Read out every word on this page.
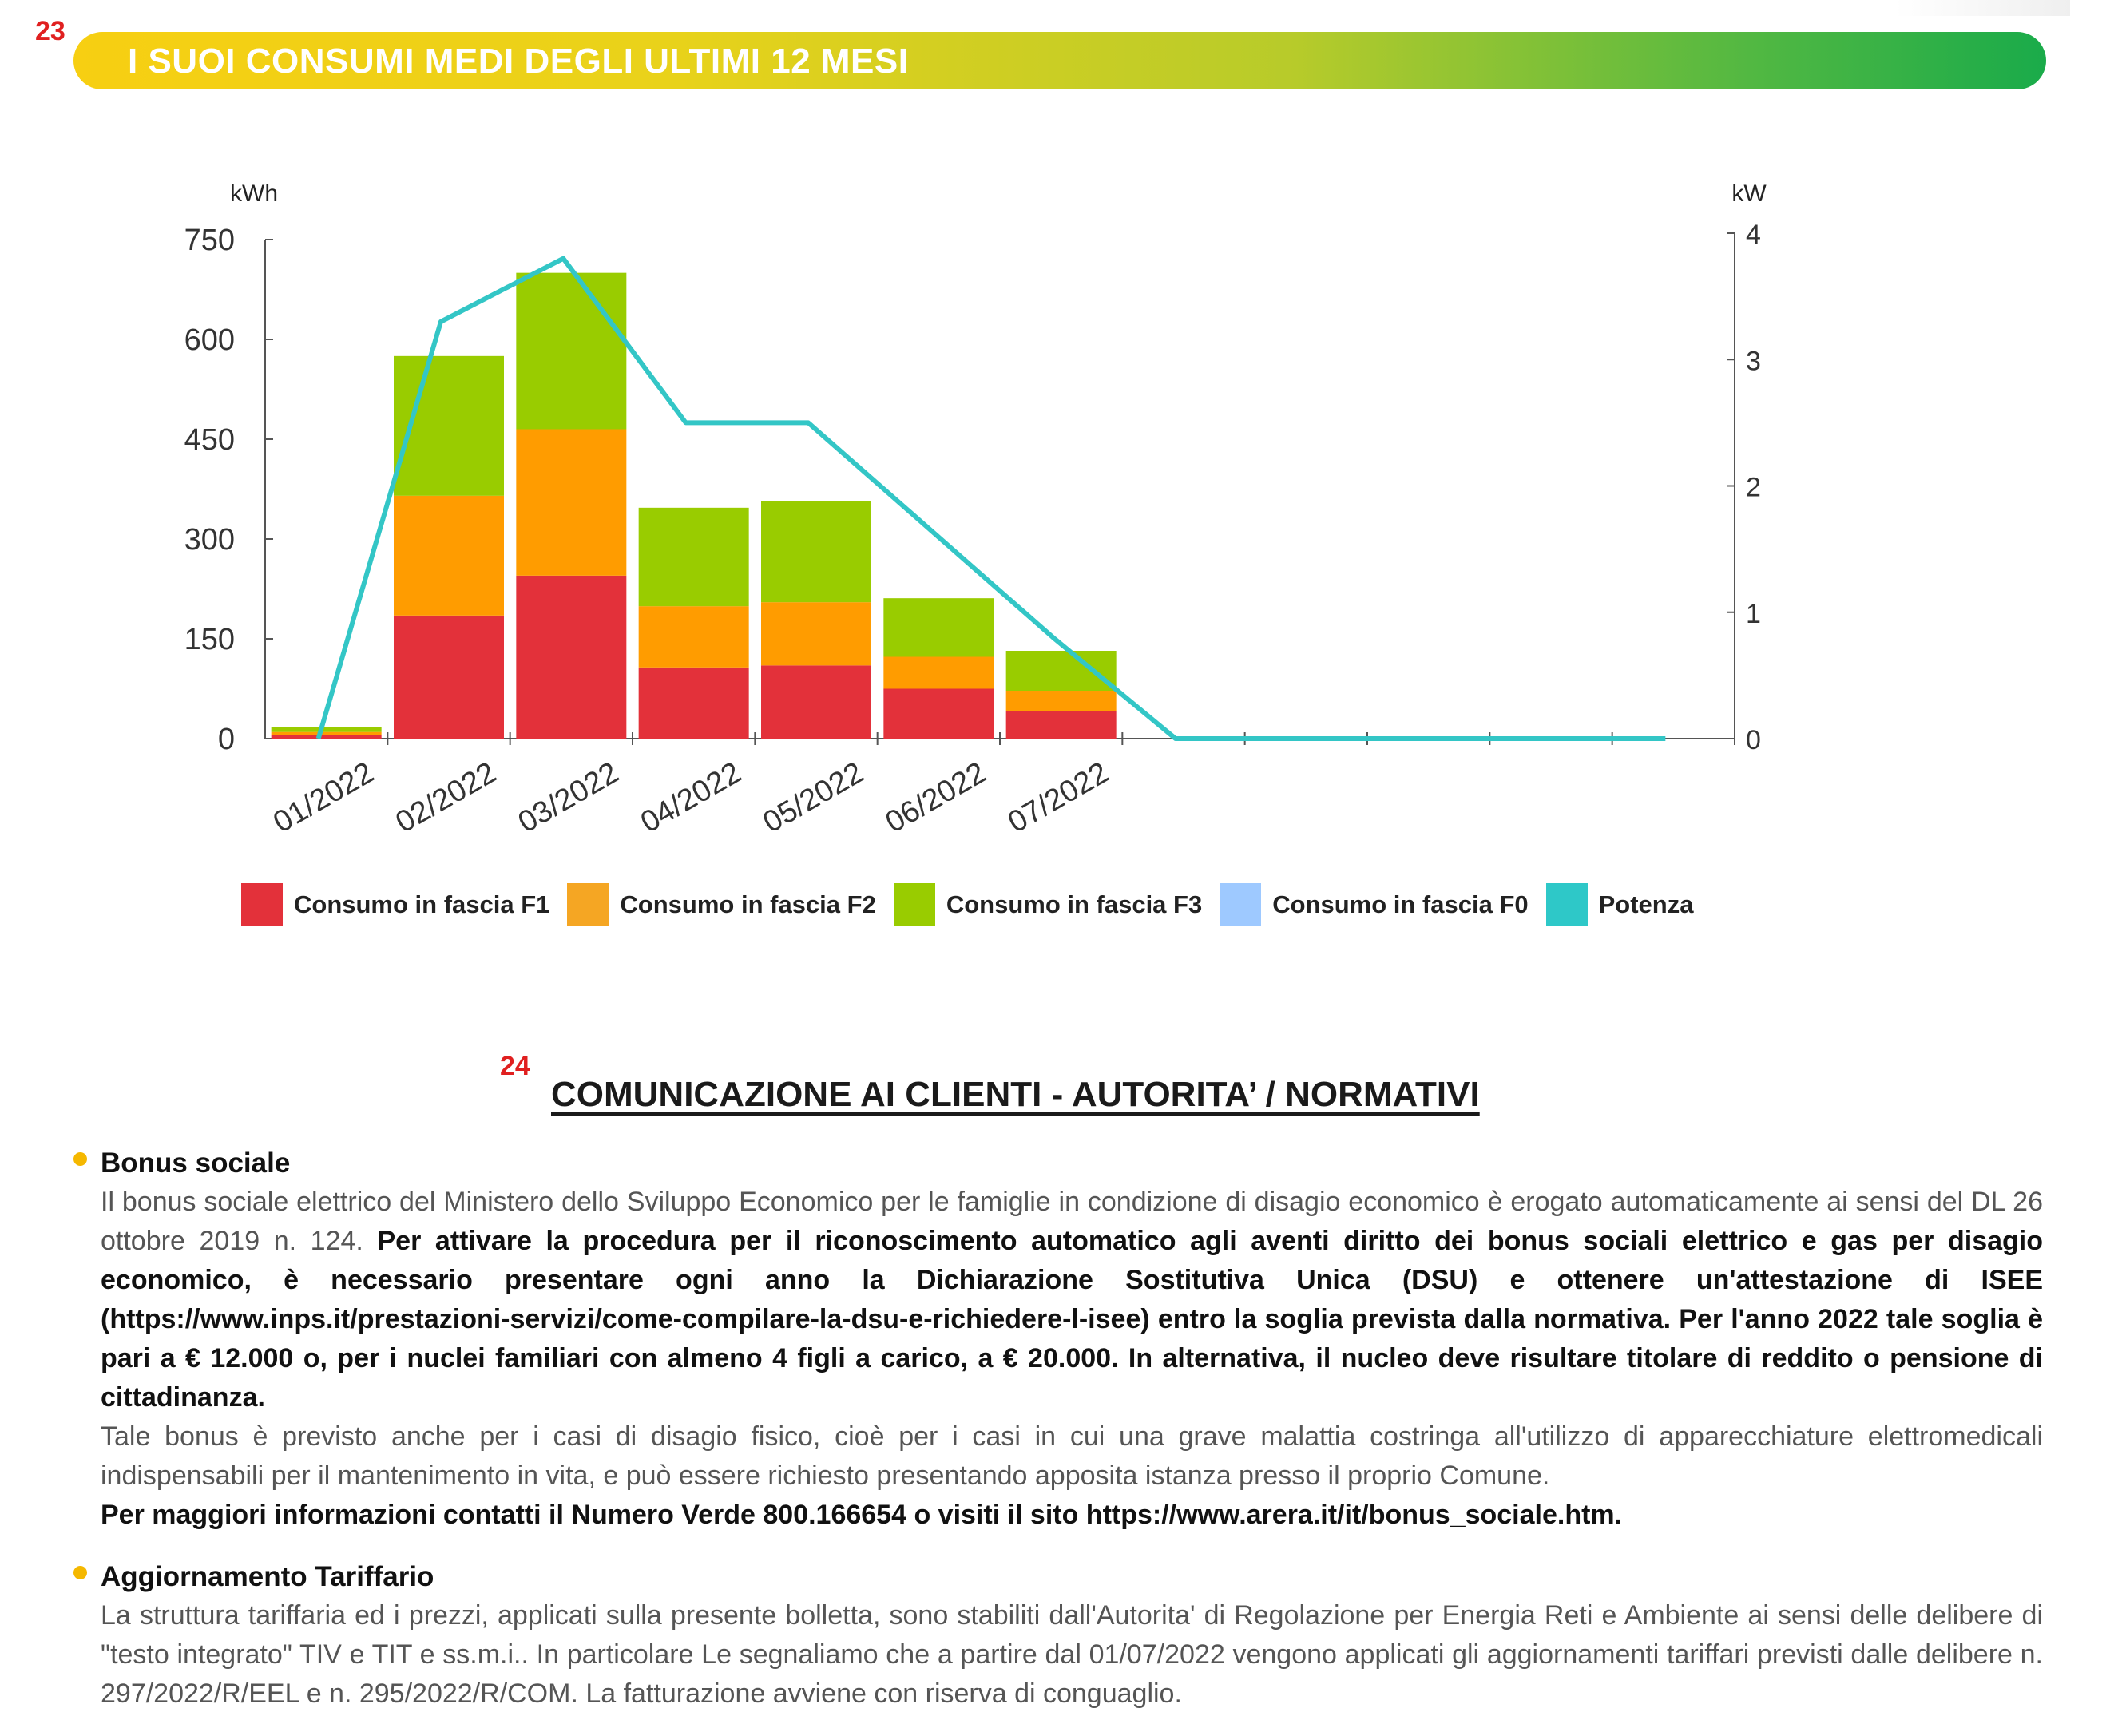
23
I SUOI CONSUMI MEDI DEGLI ULTIMI 12 MESI
kWh	kW
0
150
300
450
600
750
0
1
2
3
4
01/2022 02/2022 03/2022 04/2022 05/2022 06/2022 07/2022
Consumo in fascia F1	Consumo in fascia F2	Consumo in fascia F3	Consumo in fascia F0	Potenza
24
COMUNICAZIONE AI CLIENTI - AUTORITA’ / NORMATIVI
Bonus sociale
Il bonus sociale elettrico del Ministero dello Sviluppo Economico per le famiglie in condizione di disagio economico è erogato automaticamente ai sensi del DL 26 ottobre 2019 n. 124. Per attivare la procedura per il riconoscimento automatico agli aventi diritto dei bonus sociali elettrico e gas per disagio economico, è necessario presentare ogni anno la Dichiarazione Sostitutiva Unica (DSU) e ottenere un'attestazione di ISEE (https://www.inps.it/prestazioni-servizi/come-compilare-la-dsu-e-richiedere-l-isee) entro la soglia prevista dalla normativa. Per l'anno 2022 tale soglia è pari a € 12.000 o, per i nuclei familiari con almeno 4 figli a carico, a € 20.000. In alternativa, il nucleo deve risultare titolare di reddito o pensione di cittadinanza.
Tale bonus è previsto anche per i casi di disagio fisico, cioè per i casi in cui una grave malattia costringa all'utilizzo di apparecchiature elettromedicali indispensabili per il mantenimento in vita, e può essere richiesto presentando apposita istanza presso il proprio Comune.
Per maggiori informazioni contatti il Numero Verde 800.166654 o visiti il sito https://www.arera.it/it/bonus_sociale.htm.
Aggiornamento Tariffario
La struttura tariffaria ed i prezzi, applicati sulla presente bolletta, sono stabiliti dall'Autorita' di Regolazione per Energia Reti e Ambiente ai sensi delle delibere di "testo integrato" TIV e TIT e ss.m.i.. In particolare Le segnaliamo che a partire dal 01/07/2022 vengono applicati gli aggiornamenti tariffari previsti dalle delibere n. 297/2022/R/EEL e n. 295/2022/R/COM. La fatturazione avviene con riserva di conguaglio.
